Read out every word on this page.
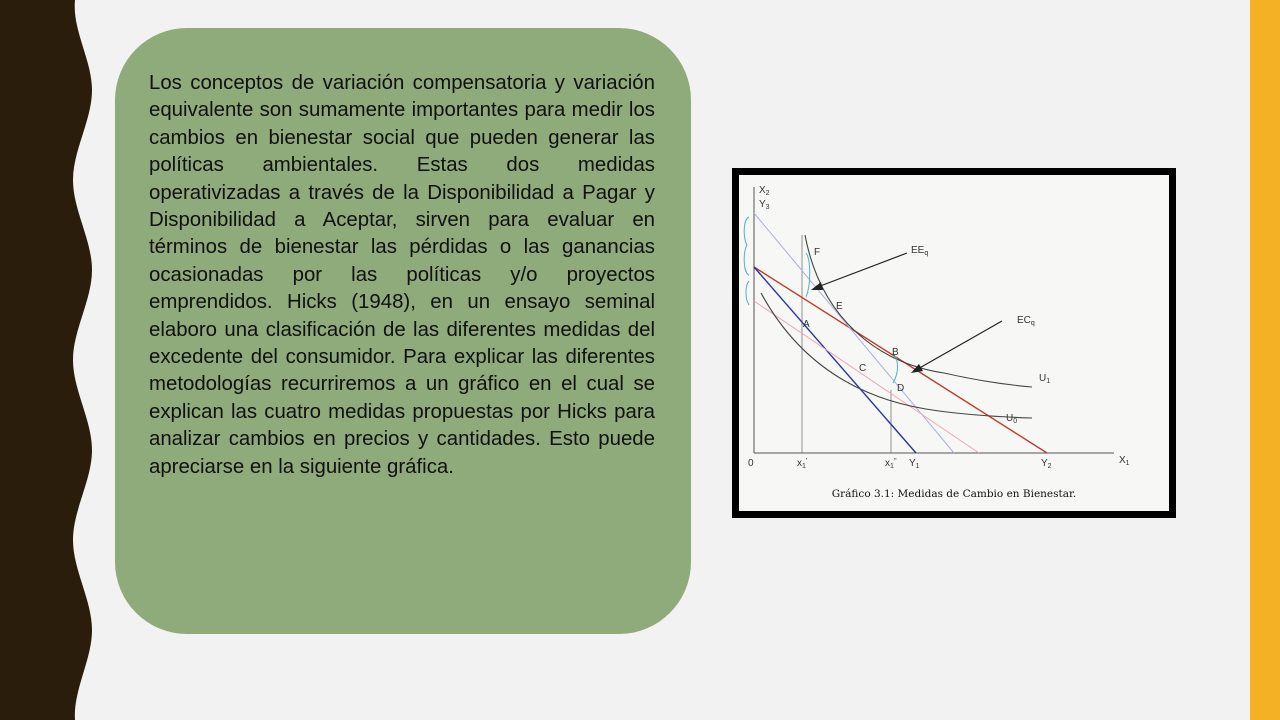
Los conceptos de variación compensatoria y variación equivalente son sumamente importantes para medir los cambios en bienestar social que pueden generar las políticas ambientales. Estas dos medidas operativizadas a través de la Disponibilidad a Pagar y Disponibilidad a Aceptar, sirven para evaluar en términos de bienestar las pérdidas o las ganancias ocasionadas por las políticas y/o proyectos emprendidos. Hicks (1948), en un ensayo seminal elaboro una clasificación de las diferentes medidas del excedente del consumidor. Para explicar las diferentes metodologías recurriremos a un gráfico en el cual se explican las cuatro medidas propuestas por Hicks para analizar cambios en precios y cantidades. Esto puede apreciarse en la siguiente gráfica.

$X_2$
$Y_3$
$X_1$
0	$x_1'$	$x_1''$ $Y_1$	$Y_2$
F
E
A
B
C
D
$EE_q$
$EC_q$
$U_1$
$U_0$
Gráfico 3.1: Medidas de Cambio en Bienestar.
